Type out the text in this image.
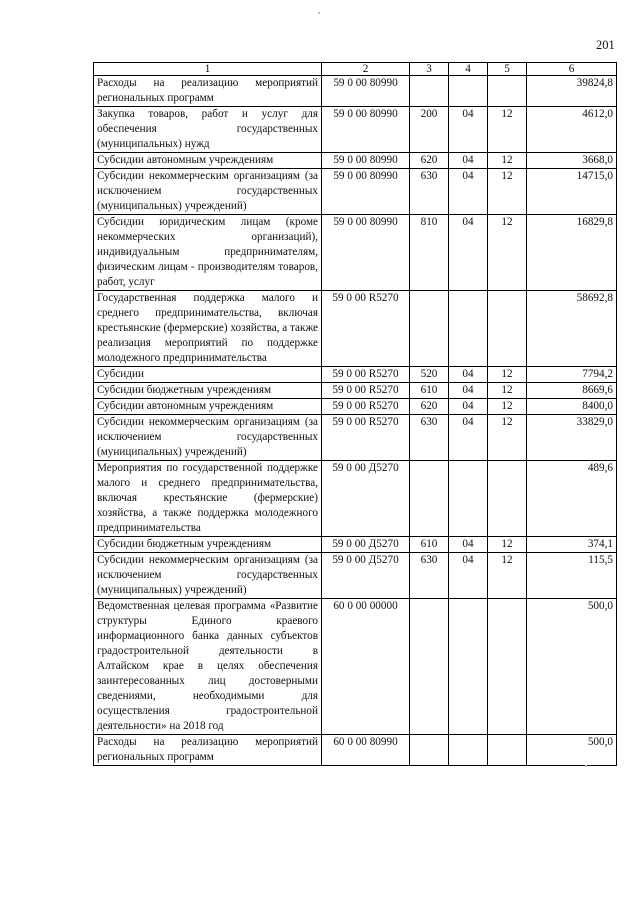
201
1	2	3	4	5	6
Расходы на реализацию мероприятий региональных программ	59 0 00 80990				39824,8
Закупка товаров, работ и услуг для обеспечения государственных (муниципальных) нужд	59 0 00 80990	200	04	12	4612,0
Субсидии автономным учреждениям	59 0 00 80990	620	04	12	3668,0
Субсидии некоммерческим организациям (за исключением государственных (муниципальных) учреждений)	59 0 00 80990	630	04	12	14715,0
Субсидии юридическим лицам (кроме некоммерческих организаций), индивидуальным предпринимателям, физическим лицам - производителям товаров, работ, услуг	59 0 00 80990	810	04	12	16829,8
Государственная поддержка малого и среднего предпринимательства, включая крестьянские (фермерские) хозяйства, а также реализация мероприятий по поддержке молодежного предпринимательства	59 0 00 R5270				58692,8
Субсидии	59 0 00 R5270	520	04	12	7794,2
Субсидии бюджетным учреждениям	59 0 00 R5270	610	04	12	8669,6
Субсидии автономным учреждениям	59 0 00 R5270	620	04	12	8400,0
Субсидии некоммерческим организациям (за исключением государственных (муниципальных) учреждений)	59 0 00 R5270	630	04	12	33829,0
Мероприятия по государственной поддержке малого и среднего предпринимательства, включая крестьянские (фермерские) хозяйства, а также поддержка молодежного предпринимательства	59 0 00 Д5270				489,6
Субсидии бюджетным учреждениям	59 0 00 Д5270	610	04	12	374,1
Субсидии некоммерческим организациям (за исключением государственных (муниципальных) учреждений)	59 0 00 Д5270	630	04	12	115,5
Ведомственная целевая программа «Развитие структуры Единого краевого информационного банка данных субъектов градостроительной деятельности в Алтайском крае в целях обеспечения заинтересованных лиц достоверными сведениями, необходимыми для осуществления градостроительной деятельности» на 2018 год	60 0 00 00000				500,0
Расходы на реализацию мероприятий региональных программ	60 0 00 80990				500,0
